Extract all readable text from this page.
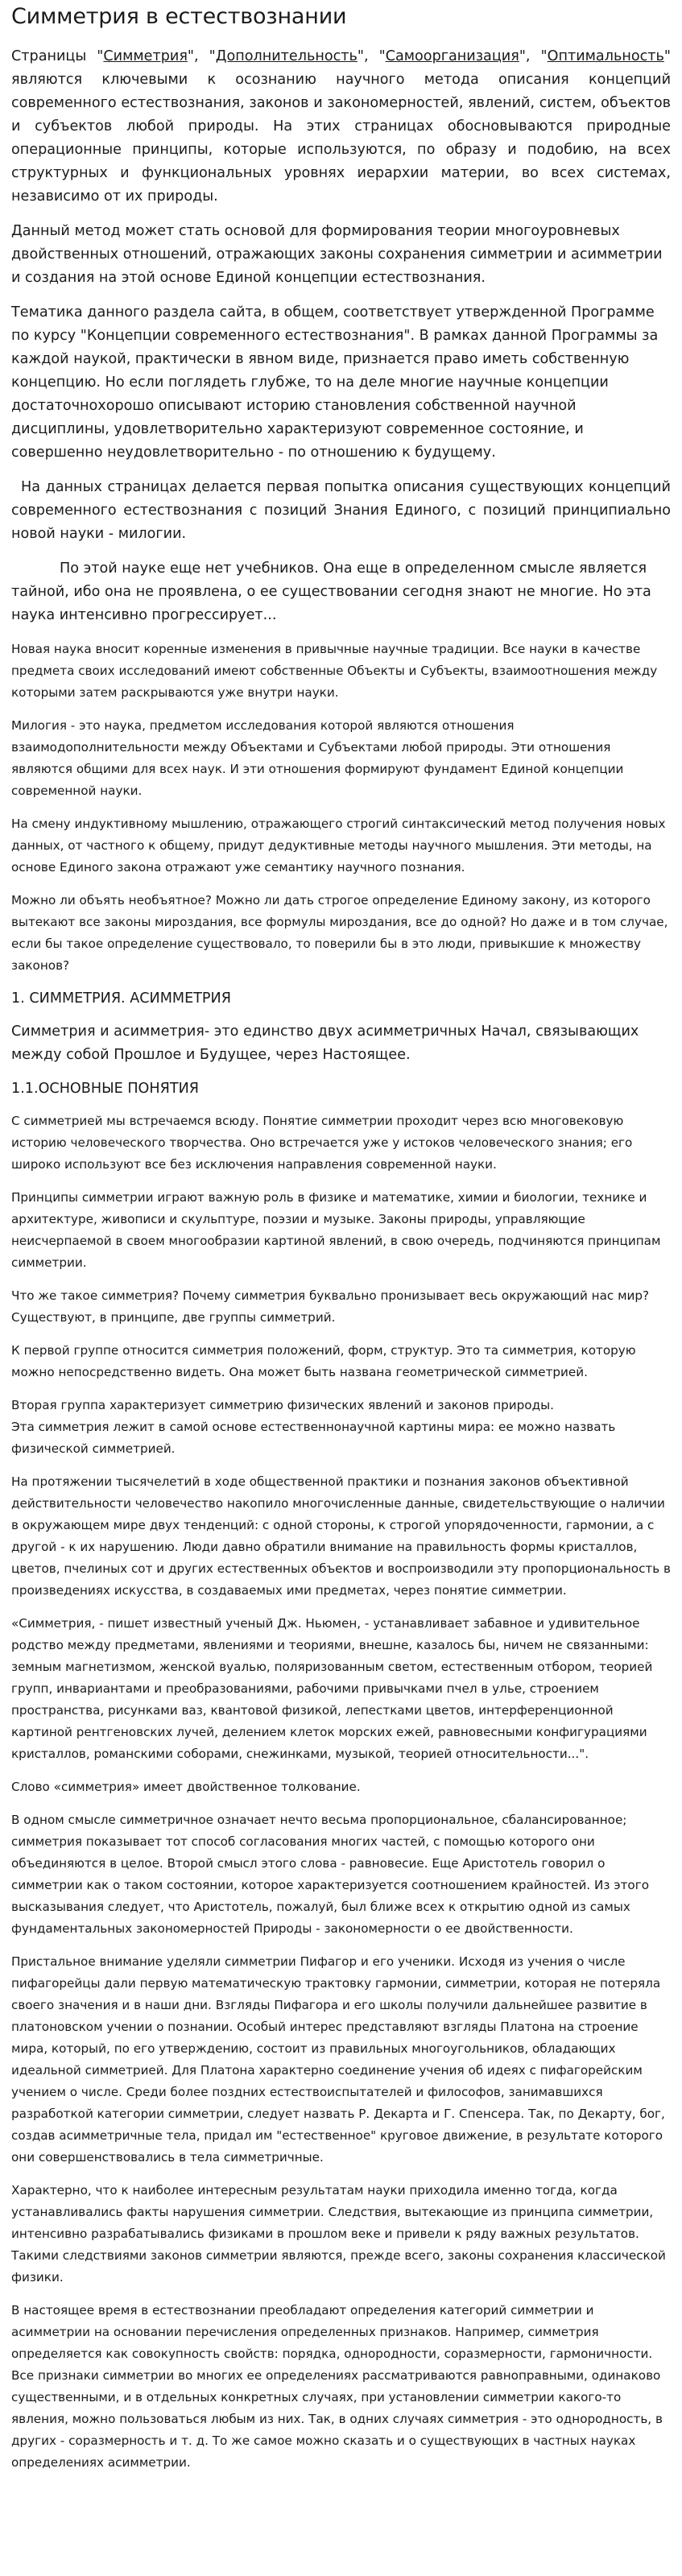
Симметрия в естествознании

Страницы "Симметрия", "Дополнительность", "Самоорганизация", "Оптимальность" являются ключевыми к осознанию научного метода описания концепций современного естествознания, законов и закономерностей, явлений, систем, объектов и субъектов любой природы. На этих страницах обосновываются природные операционные принципы, которые используются, по образу и подобию, на всех структурных и функциональных уровнях иерархии материи, во всех системах, независимо от их природы.

Данный метод может стать основой для формирования теории многоуровневых двойственных отношений, отражающих законы сохранения симметрии и асимметрии и создания на этой основе Единой концепции естествознания.

Тематика данного раздела сайта, в общем, соответствует утвержденной Программе по курсу "Концепции современного естествознания". В рамках данной Программы за каждой наукой, практически в явном виде, признается право иметь собственную концепцию. Но если поглядеть глубже, то на деле многие научные концепции достаточнохорошо описывают историю становления собственной научной дисциплины, удовлетворительно характеризуют современное состояние, и совершенно неудовлетворительно - по отношению к будущему.

На данных страницах делается первая попытка описания существующих концепций современного естествознания с позиций Знания Единого, с позиций принципиально новой науки - милогии.

По этой науке еще нет учебников. Она еще в определенном смысле является тайной, ибо она не проявлена, о ее существовании сегодня знают не многие. Но эта наука интенсивно прогрессирует...

Новая наука вносит коренные изменения в привычные научные традиции. Все науки в качестве предмета своих исследований имеют собственные Объекты и Субъекты, взаимоотношения между которыми затем раскрываются уже внутри науки.

Милогия - это наука, предметом исследования которой являются отношения взаимодополнительности между Объектами и Субъектами любой природы. Эти отношения являются общими для всех наук. И эти отношения формируют фундамент Единой концепции современной науки.

На смену индуктивному мышлению, отражающего строгий синтаксический метод получения новых данных, от частного к общему, придут дедуктивные методы научного мышления. Эти методы, на основе Единого закона отражают уже семантику научного познания.

Можно ли объять необъятное? Можно ли дать строгое определение Единому закону, из которого вытекают все законы мироздания, все формулы мироздания, все до одной? Но даже и в том случае, если бы такое определение существовало, то поверили бы в это люди, привыкшие к множеству законов?

1. СИММЕТРИЯ. АСИММЕТРИЯ

Симметрия и асимметрия- это единство двух асимметричных Начал, связывающих между собой Прошлое и Будущее, через Настоящее.

1.1.ОСНОВНЫЕ ПОНЯТИЯ

С симметрией мы встречаемся всюду. Понятие симметрии проходит через всю многовековую историю человеческого творчества. Оно встречается уже у истоков человеческого знания; его широко используют все без исключения направления современной науки.

Принципы симметрии играют важную роль в физике и математике, химии и биологии, технике и архитектуре, живописи и скульптуре, поэзии и музыке. Законы природы, управляющие неисчерпаемой в своем многообразии картиной явлений, в свою очередь, подчиняются принципам симметрии.

Что же такое симметрия? Почему симметрия буквально пронизывает весь окружающий нас мир? Существуют, в принципе, две группы симметрий.

К первой группе относится симметрия положений, форм, структур. Это та симметрия, которую можно непосредственно видеть. Она может быть названа геометрической симметрией.

Вторая группа характеризует симметрию физических явлений и законов природы.
Эта симметрия лежит в самой основе естественнонаучной картины мира: ее можно назвать физической симметрией.

На протяжении тысячелетий в ходе общественной практики и познания законов объективной действительности человечество накопило многочисленные данные, свидетельствующие о наличии в окружающем мире двух тенденций: с одной стороны, к строгой упорядоченности, гармонии, а с другой - к их нарушению. Люди давно обратили внимание на правильность формы кристаллов, цветов, пчелиных сот и других естественных объектов и воспроизводили эту пропорциональность в произведениях искусства, в создаваемых ими предметах, через понятие симметрии.

«Симметрия, - пишет известный ученый Дж. Ньюмен, - устанавливает забавное и удивительное родство между предметами, явлениями и теориями, внешне, казалось бы, ничем не связанными: земным магнетизмом, женской вуалью, поляризованным светом, естественным отбором, теорией групп, инвариантами и преобразованиями, рабочими привычками пчел в улье, строением пространства, рисунками ваз, квантовой физикой, лепестками цветов, интерференционной картиной рентгеновских лучей, делением клеток морских ежей, равновесными конфигурациями кристаллов, романскими соборами, снежинками, музыкой, теорией относительности...".

Слово «симметрия» имеет двойственное толкование.

В одном смысле симметричное означает нечто весьма пропорциональное, сбалансированное; симметрия показывает тот способ согласования многих частей, с помощью которого они объединяются в целое. Второй смысл этого слова - равновесие. Еще Аристотель говорил о симметрии как о таком состоянии, которое характеризуется соотношением крайностей. Из этого высказывания следует, что Аристотель, пожалуй, был ближе всех к открытию одной из самых фундаментальных закономерностей Природы - закономерности о ее двойственности.

Пристальное внимание уделяли симметрии Пифагор и его ученики. Исходя из учения о числе пифагорейцы дали первую математическую трактовку гармонии, симметрии, которая не потеряла своего значения и в наши дни. Взгляды Пифагора и его школы получили дальнейшее развитие в платоновском учении о познании. Особый интерес представляют взгляды Платона на строение мира, который, по его утверждению, состоит из правильных многоугольников, обладающих идеальной симметрией. Для Платона характерно соединение учения об идеях с пифагорейским учением о числе. Среди более поздних естествоиспытателей и философов, занимавшихся разработкой категории симметрии, следует назвать Р. Декарта и Г. Спенсера. Так, по Декарту, бог, создав асимметричные тела, придал им "естественное" круговое движение, в результате которого они совершенствовались в тела симметричные.

Характерно, что к наиболее интересным результатам науки приходила именно тогда, когда устанавливались факты нарушения симметрии. Следствия, вытекающие из принципа симметрии, интенсивно разрабатывались физиками в прошлом веке и привели к ряду важных результатов. Такими следствиями законов симметрии являются, прежде всего, законы сохранения классической физики.

В настоящее время в естествознании преобладают определения категорий симметрии и асимметрии на основании перечисления определенных признаков. Например, симметрия определяется как совокупность свойств: порядка, однородности, соразмерности, гармоничности. Все признаки симметрии во многих ее определениях рассматриваются равноправными, одинаково существенными, и в отдельных конкретных случаях, при установлении симметрии какого-то явления, можно пользоваться любым из них. Так, в одних случаях симметрия - это однородность, в других - соразмерность и т. д. То же самое можно сказать и о существующих в частных науках определениях асимметрии.
